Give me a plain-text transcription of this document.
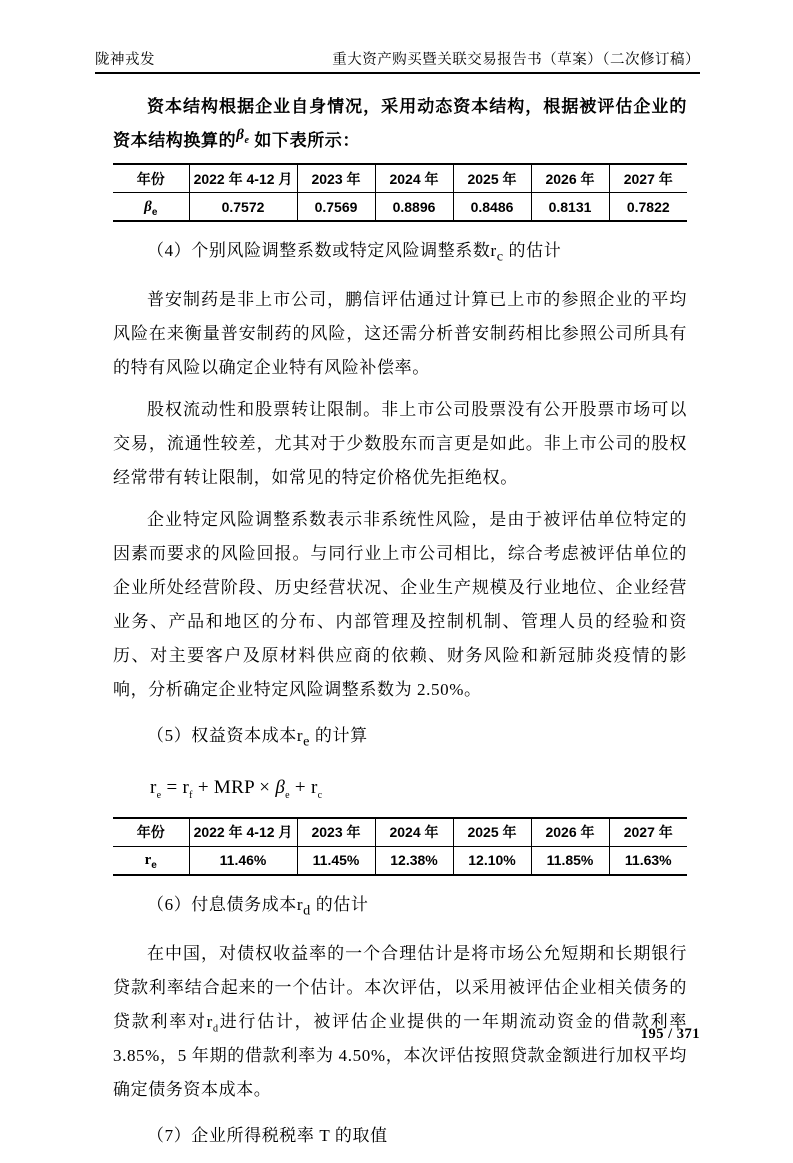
陇神戎发	重大资产购买暨关联交易报告书（草案）（二次修订稿）

资本结构根据企业自身情况，采用动态资本结构，根据被评估企业的资本结构换算的$\beta_e$ 如下表所示：

年份	2022 年 4-12 月	2023 年	2024 年	2025 年	2026 年	2027 年
$\beta_e$	0.7572	0.7569	0.8896	0.8486	0.8131	0.7822

（4）个别风险调整系数或特定风险调整系数$r_c$ 的估计

普安制药是非上市公司，鹏信评估通过计算已上市的参照企业的平均风险在来衡量普安制药的风险，这还需分析普安制药相比参照公司所具有的特有风险以确定企业特有风险补偿率。

股权流动性和股票转让限制。非上市公司股票没有公开股票市场可以交易，流通性较差，尤其对于少数股东而言更是如此。非上市公司的股权经常带有转让限制，如常见的特定价格优先拒绝权。

企业特定风险调整系数表示非系统性风险，是由于被评估单位特定的因素而要求的风险回报。与同行业上市公司相比，综合考虑被评估单位的企业所处经营阶段、历史经营状况、企业生产规模及行业地位、企业经营业务、产品和地区的分布、内部管理及控制机制、管理人员的经验和资历、对主要客户及原材料供应商的依赖、财务风险和新冠肺炎疫情的影响，分析确定企业特定风险调整系数为 2.50%。

（5）权益资本成本$r_e$ 的计算

$r_e = r_f$ + MRP × $\beta_e + r_c$
年份	2022 年 4-12 月	2023 年	2024 年	2025 年	2026 年	2027 年
$r_e$	11.46%	11.45%	12.38%	12.10%	11.85%	11.63%

（6）付息债务成本$r_d$ 的估计

在中国，对债权收益率的一个合理估计是将市场公允短期和长期银行贷款利率结合起来的一个估计。本次评估，以采用被评估企业相关债务的贷款利率对$r_d$进行估计，被评估企业提供的一年期流动资金的借款利率 3.85%，5 年期的借款利率为 4.50%，本次评估按照贷款金额进行加权平均确定债务资本成本。

（7）企业所得税税率 T 的取值

195 / 371
